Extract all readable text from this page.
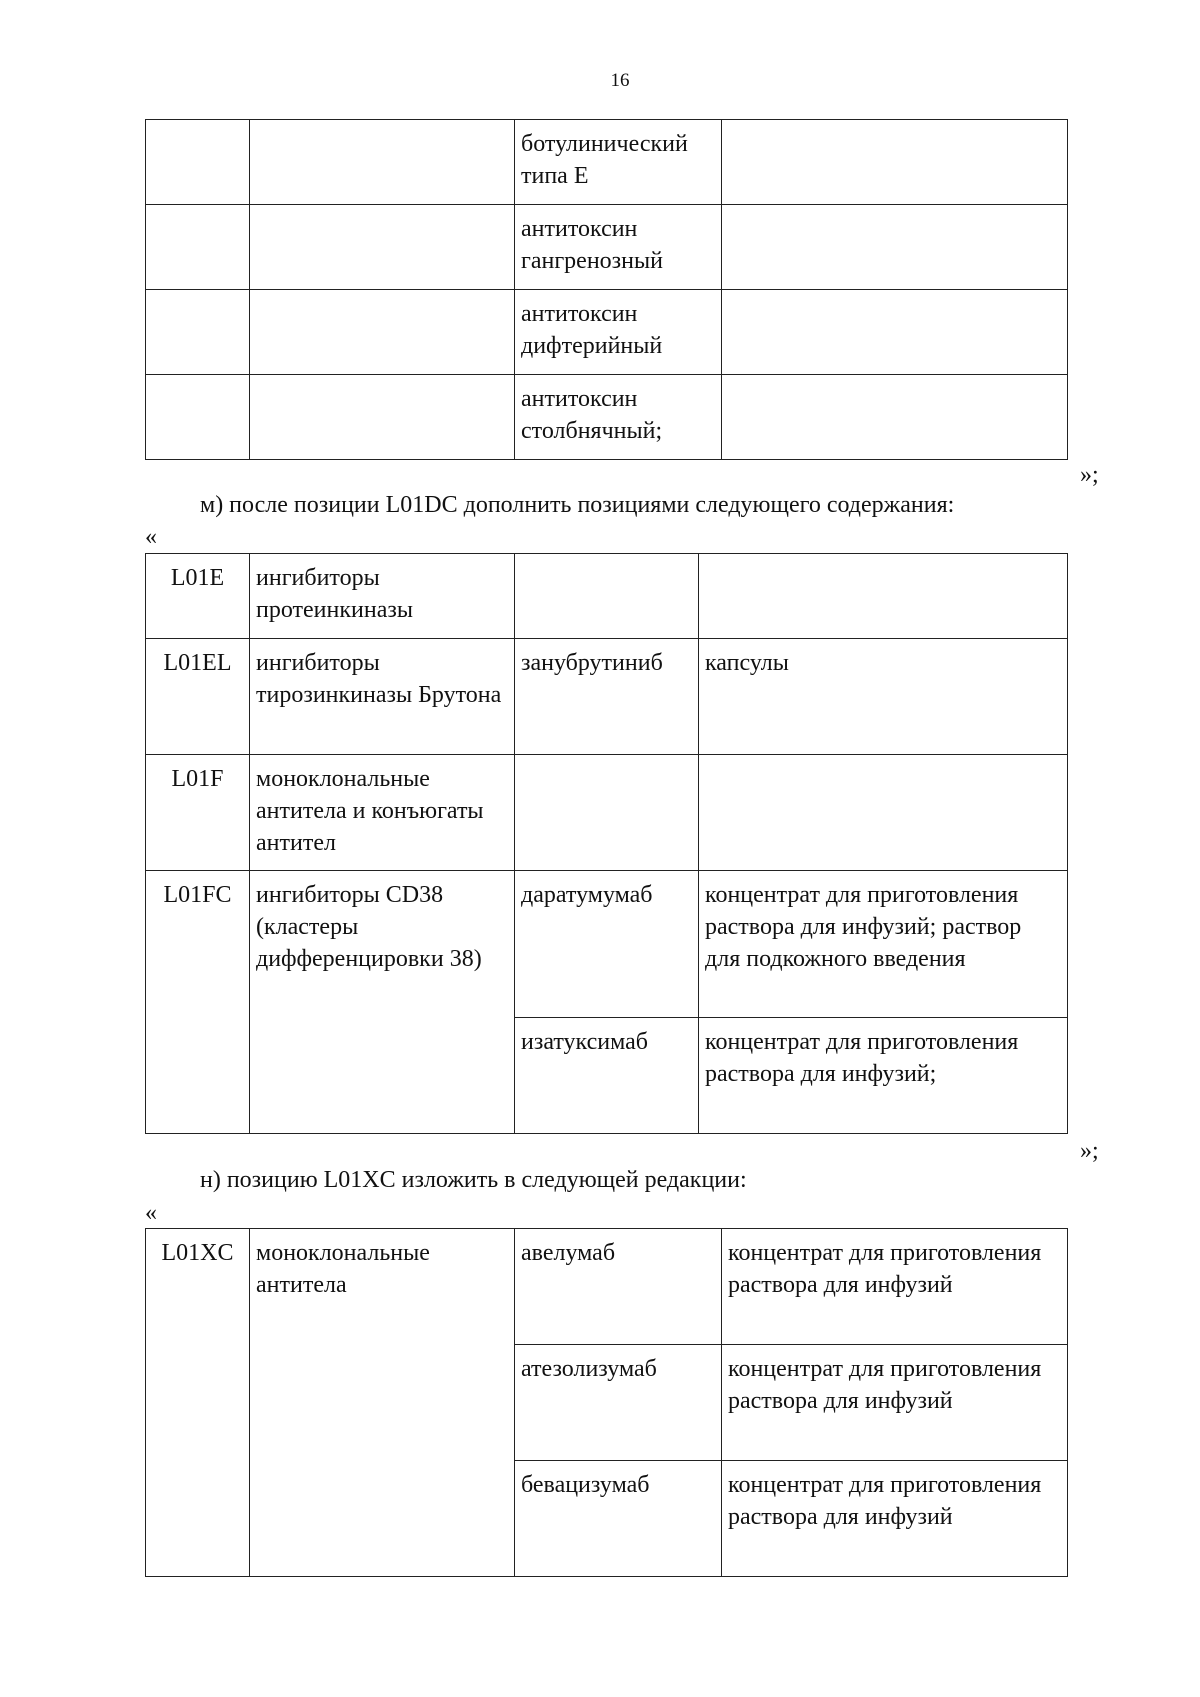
16
		ботулинический типа Е	
		антитоксин гангренозный	
		антитоксин дифтерийный	
		антитоксин столбнячный;	
»;
м) после позиции L01DC дополнить позициями следующего содержания:
«
L01E	ингибиторы протеинкиназы		
L01EL	ингибиторы тирозинкиназы Брутона	занубрутиниб	капсулы
L01F	моноклональные антитела и конъюгаты антител		
L01FC	ингибиторы CD38 (кластеры дифференцировки 38)	даратумумаб	концентрат для приготовления раствора для инфузий; раствор для подкожного введения
		изатуксимаб	концентрат для приготовления раствора для инфузий;
»;
н) позицию L01XC изложить в следующей редакции:
«
L01XC	моноклональные антитела	авелумаб	концентрат для приготовления раствора для инфузий
		атезолизумаб	концентрат для приготовления раствора для инфузий
		бевацизумаб	концентрат для приготовления раствора для инфузий
